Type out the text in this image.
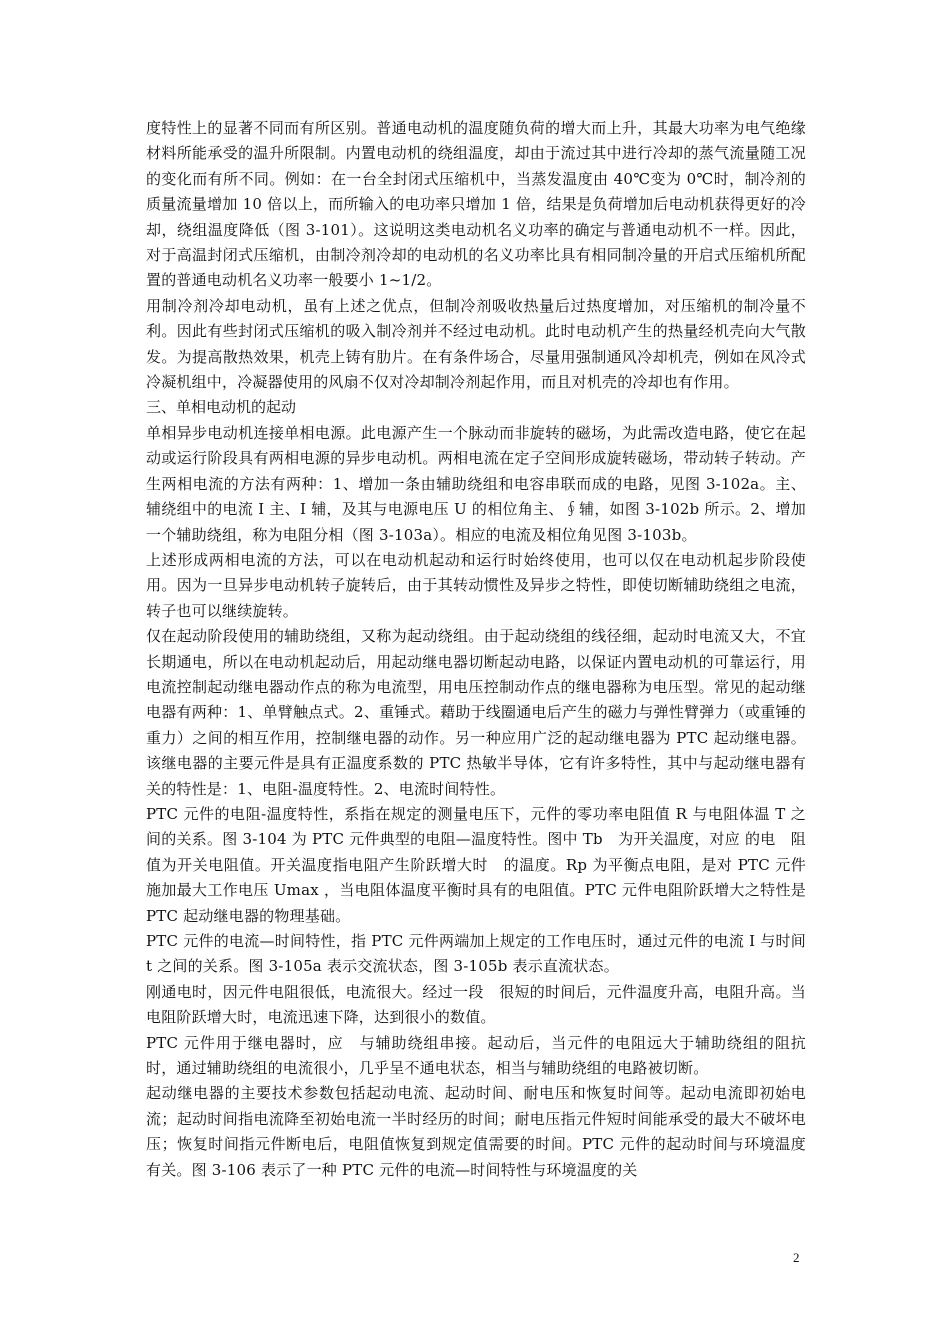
度特性上的显著不同而有所区别。普通电动机的温度随负荷的增大而上升，其最大功率为电气绝缘材料所能承受的温升所限制。内置电动机的绕组温度，却由于流过其中进行冷却的蒸气流量随工况的变化而有所不同。例如：在一台全封闭式压缩机中，当蒸发温度由 40℃变为 0℃时，制冷剂的质量流量增加 10 倍以上，而所输入的电功率只增加 1 倍，结果是负荷增加后电动机获得更好的冷却，绕组温度降低（图 3-101）。这说明这类电动机名义功率的确定与普通电动机不一样。因此，对于高温封闭式压缩机，由制冷剂冷却的电动机的名义功率比具有相同制冷量的开启式压缩机所配置的普通电动机名义功率一般要小 1~1/2。

用制冷剂冷却电动机，虽有上述之优点，但制冷剂吸收热量后过热度增加，对压缩机的制冷量不利。因此有些封闭式压缩机的吸入制冷剂并不经过电动机。此时电动机产生的热量经机壳向大气散发。为提高散热效果，机壳上铸有肋片。在有条件场合，尽量用强制通风冷却机壳，例如在风冷式冷凝机组中，冷凝器使用的风扇不仅对冷却制冷剂起作用，而且对机壳的冷却也有作用。

三、单相电动机的起动

单相异步电动机连接单相电源。此电源产生一个脉动而非旋转的磁场，为此需改造电路，使它在起动或运行阶段具有两相电源的异步电动机。两相电流在定子空间形成旋转磁场，带动转子转动。产生两相电流的方法有两种：1、增加一条由辅助绕组和电容串联而成的电路，见图 3-102a。主、辅绕组中的电流 I 主、I 辅，及其与电源电压 U 的相位角主、∮辅，如图 3-102b 所示。2、增加一个辅助绕组，称为电阻分相（图 3-103a）。相应的电流及相位角见图 3-103b。

上述形成两相电流的方法，可以在电动机起动和运行时始终使用，也可以仅在电动机起步阶段使用。因为一旦异步电动机转子旋转后，由于其转动惯性及异步之特性，即使切断辅助绕组之电流，转子也可以继续旋转。

仅在起动阶段使用的辅助绕组，又称为起动绕组。由于起动绕组的线径细，起动时电流又大，不宜长期通电，所以在电动机起动后，用起动继电器切断起动电路，以保证内置电动机的可靠运行，用电流控制起动继电器动作点的称为电流型，用电压控制动作点的继电器称为电压型。常见的起动继电器有两种：1、单臂触点式。2、重锤式。藉助于线圈通电后产生的磁力与弹性臂弹力（或重锤的重力）之间的相互作用，控制继电器的动作。另一种应用广泛的起动继电器为 PTC 起动继电器。该继电器的主要元件是具有正温度系数的 PTC 热敏半导体，它有许多特性，其中与起动继电器有关的特性是：1、电阻-温度特性。2、电流时间特性。

PTC 元件的电阻-温度特性，系指在规定的测量电压下，元件的零功率电阻值 R 与电阻体温 T 之间的关系。图 3-104 为 PTC 元件典型的电阻—温度特性。图中 Tb　为开关温度，对应 的电　阻值为开关电阻值。开关温度指电阻产生阶跃增大时　的温度。Rp 为平衡点电阻，是对 PTC 元件施加最大工作电压 Umax ，当电阻体温度平衡时具有的电阻值。PTC 元件电阻阶跃增大之特性是 PTC 起动继电器的物理基础。

PTC 元件的电流—时间特性，指 PTC 元件两端加上规定的工作电压时，通过元件的电流 I 与时间 t 之间的关系。图 3-105a 表示交流状态，图 3-105b 表示直流状态。

刚通电时，因元件电阻很低，电流很大。经过一段　很短的时间后，元件温度升高，电阻升高。当电阻阶跃增大时，电流迅速下降，达到很小的数值。

PTC 元件用于继电器时，应　与辅助绕组串接。起动后，当元件的电阻远大于辅助绕组的阻抗时，通过辅助绕组的电流很小，几乎呈不通电状态，相当与辅助绕组的电路被切断。

起动继电器的主要技术参数包括起动电流、起动时间、耐电压和恢复时间等。起动电流即初始电流；起动时间指电流降至初始电流一半时经历的时间；耐电压指元件短时间能承受的最大不破坏电压；恢复时间指元件断电后，电阻值恢复到规定值需要的时间。PTC 元件的起动时间与环境温度有关。图 3-106 表示了一种 PTC 元件的电流—时间特性与环境温度的关

2
